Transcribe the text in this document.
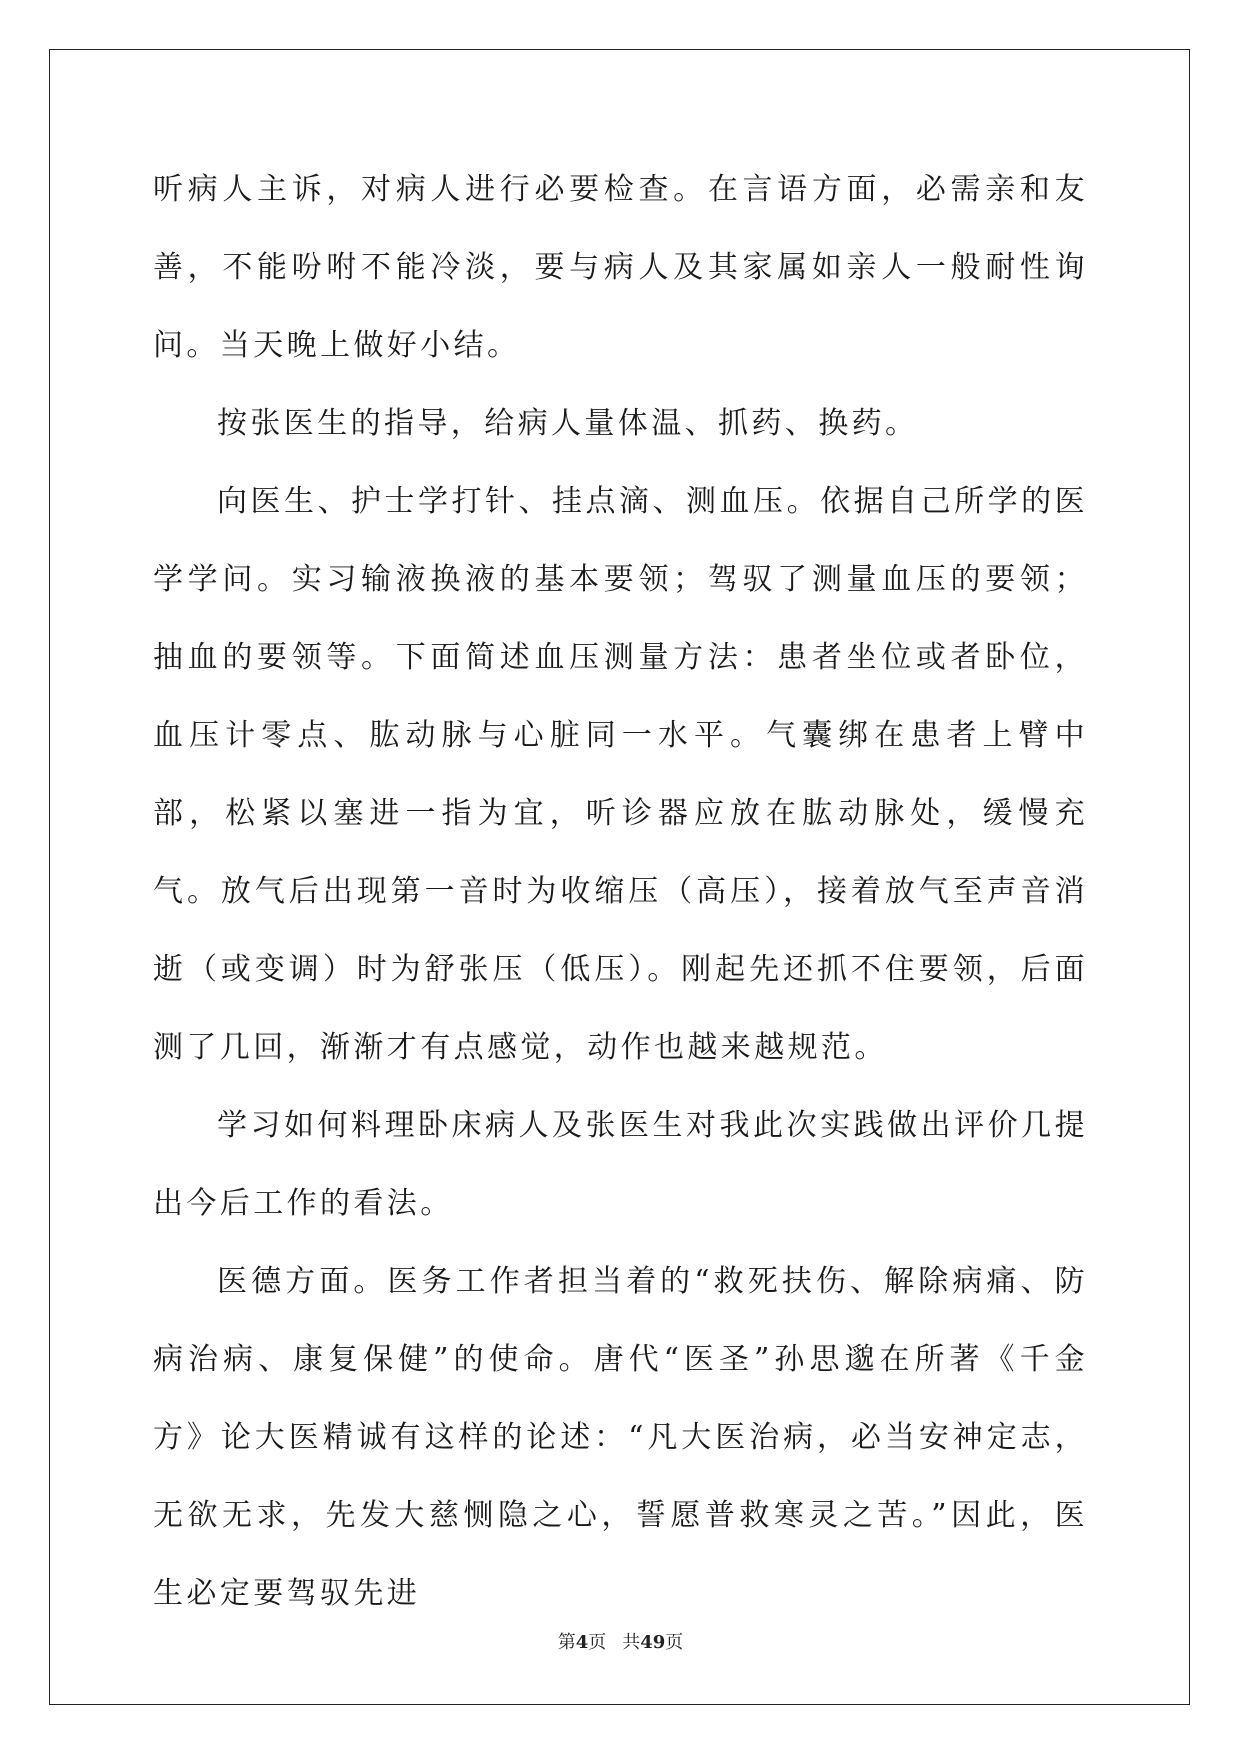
听病人主诉，对病人进行必要检查。在言语方面，必需亲和友善，不能吩咐不能冷淡，要与病人及其家属如亲人一般耐性询问。当天晚上做好小结。

按张医生的指导，给病人量体温、抓药、换药。

向医生、护士学打针、挂点滴、测血压。依据自己所学的医学学问。实习输液换液的基本要领；驾驭了测量血压的要领；抽血的要领等。下面简述血压测量方法：患者坐位或者卧位，血压计零点、肱动脉与心脏同一水平。气囊绑在患者上臂中部，松紧以塞进一指为宜，听诊器应放在肱动脉处，缓慢充气。放气后出现第一音时为收缩压（高压），接着放气至声音消逝（或变调）时为舒张压（低压）。刚起先还抓不住要领，后面测了几回，渐渐才有点感觉，动作也越来越规范。

学习如何料理卧床病人及张医生对我此次实践做出评价几提出今后工作的看法。

医德方面。医务工作者担当着的“救死扶伤、解除病痛、防病治病、康复保健”的使命。唐代“医圣”孙思邈在所著《千金方》论大医精诚有这样的论述：“凡大医治病，必当安神定志，无欲无求，先发大慈恻隐之心，誓愿普救寒灵之苦。”因此，医生必定要驾驭先进

第4页 共49页
